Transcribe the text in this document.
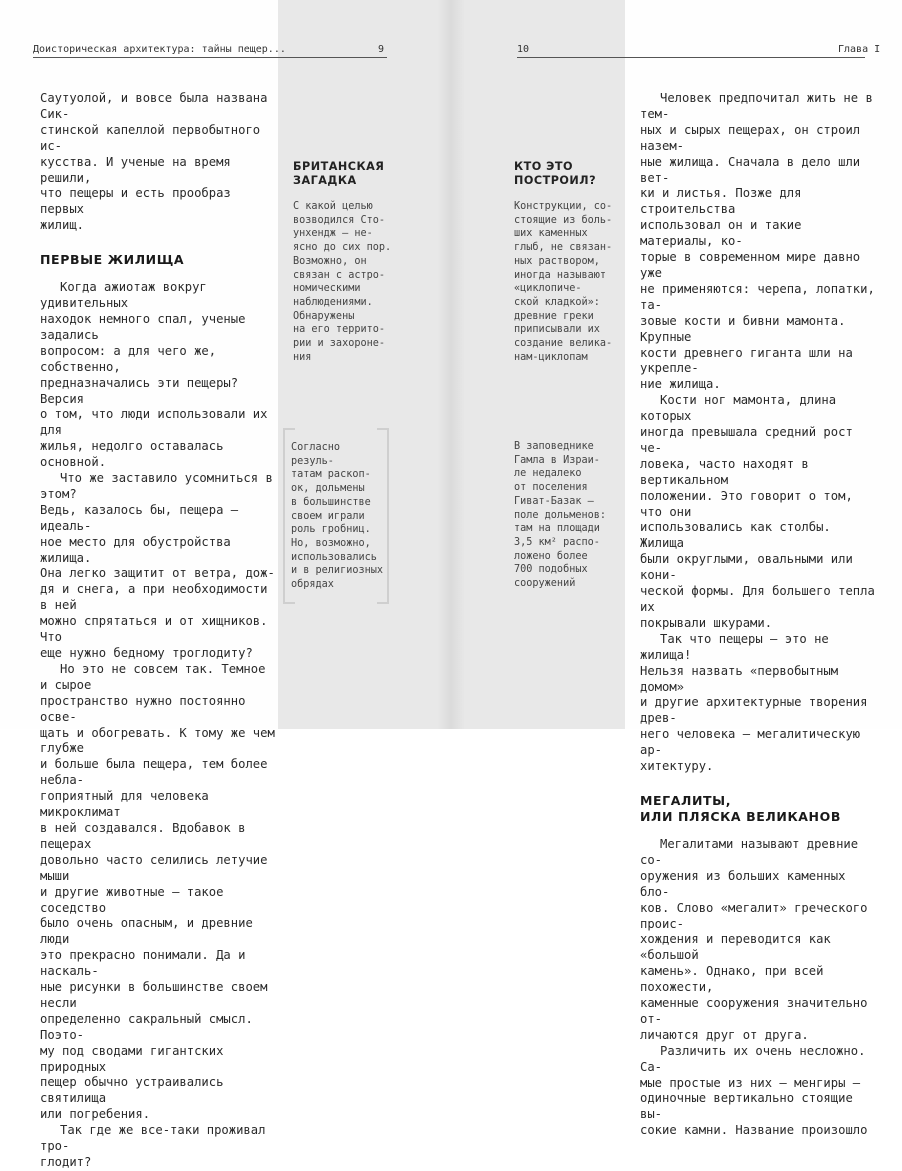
Доисторическая архитектура: тайны пещер...	9

Саутуолой, и вовсе была названа Сик-
стинской капеллой первобытного ис-
кусства. И ученые на время решили,
что пещеры и есть прообраз первых
жилищ.

ПЕРВЫЕ ЖИЛИЩА

Когда ажиотаж вокруг удивительных
находок немного спал, ученые задались
вопросом: а для чего же, собственно,
предназначались эти пещеры? Версия
о том, что люди использовали их для
жилья, недолго оставалась основной.

Что же заставило усомниться в этом?
Ведь, казалось бы, пещера — идеаль-
ное место для обустройства жилища.
Она легко защитит от ветра, дож-
дя и снега, а при необходимости в ней
можно спрятаться и от хищников. Что
еще нужно бедному троглодиту?

Но это не совсем так. Темное и сырое
пространство нужно постоянно осве-
щать и обогревать. К тому же чем глубже
и больше была пещера, тем более небла-
гоприятный для человека микроклимат
в ней создавался. Вдобавок в пещерах
довольно часто селились летучие мыши
и другие животные — такое соседство
было очень опасным, и древние люди
это прекрасно понимали. Да и наскаль-
ные рисунки в большинстве своем несли
определенно сакральный смысл. Поэто-
му под сводами гигантских природных
пещер обычно устраивались святилища
или погребения.

Так где же все-таки проживал тро-
глодит?

БРИТАНСКАЯ
ЗАГАДКА

С какой целью
возводился Сто-
унхендж — не-
ясно до сих пор.
Возможно, он
связан с астро-
номическими
наблюдениями.
Обнаружены
на его террито-
рии и захороне-
ния

Согласно резуль-
татам раскоп-
ок, дольмены
в большинстве
своем играли
роль гробниц.
Но, возможно,
использовались
и в религиозных
обрядах

10	Глава I
КТО ЭТО
ПОСТРОИЛ?

Конструкции, со-
стоящие из боль-
ших каменных
глыб, не связан-
ных раствором,
иногда называют
«циклопиче-
ской кладкой»:
древние греки
приписывали их
создание велика-
нам-циклопам

В заповеднике
Гамла в Израи-
ле недалеко
от поселения
Гиват-Базак —
поле дольменов:
там на площади
3,5 км² распо-
ложено более
700 подобных
сооружений

Человек предпочитал жить не в тем-
ных и сырых пещерах, он строил назем-
ные жилища. Сначала в дело шли вет-
ки и листья. Позже для строительства
использовал он и такие материалы, ко-
торые в современном мире давно уже
не применяются: черепа, лопатки, та-
зовые кости и бивни мамонта. Крупные
кости древнего гиганта шли на укрепле-
ние жилища.

Кости ног мамонта, длина которых
иногда превышала средний рост че-
ловека, часто находят в вертикальном
положении. Это говорит о том, что они
использовались как столбы. Жилища
были округлыми, овальными или кони-
ческой формы. Для большего тепла их
покрывали шкурами.

Так что пещеры — это не жилища!
Нельзя назвать «первобытным домом»
и другие архитектурные творения древ-
него человека — мегалитическую ар-
хитектуру.

МЕГАЛИТЫ,
ИЛИ ПЛЯСКА ВЕЛИКАНОВ

Мегалитами называют древние со-
оружения из больших каменных бло-
ков. Слово «мегалит» греческого проис-
хождения и переводится как «большой
камень». Однако, при всей похожести,
каменные сооружения значительно от-
личаются друг от друга.

Различить их очень несложно. Са-
мые простые из них — менгиры —
одиночные вертикально стоящие вы-
сокие камни. Название произошло
